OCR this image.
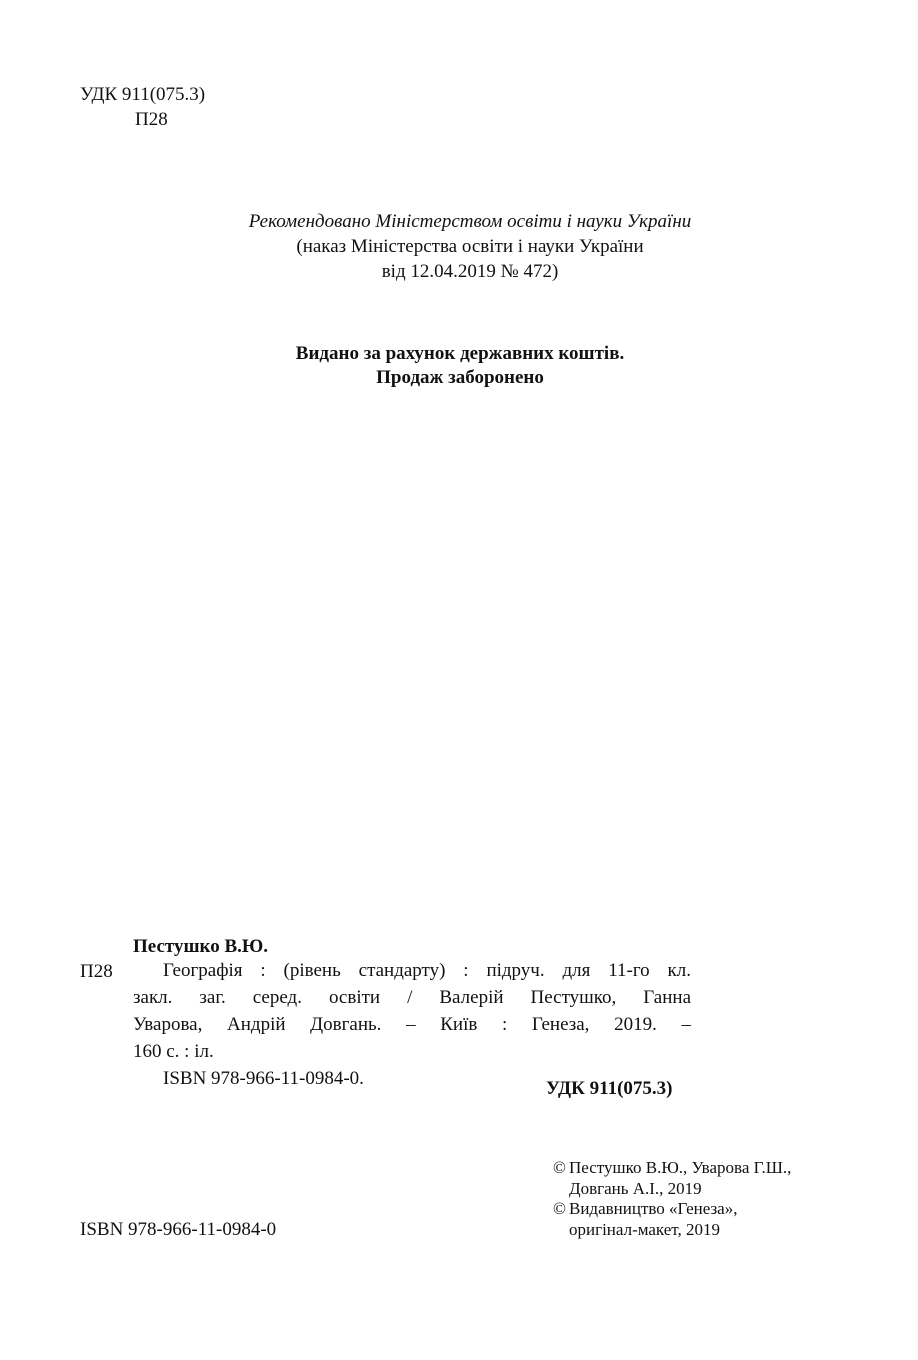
УДК 911(075.3)
П28
Рекомендовано Міністерством освіти і науки України
(наказ Міністерства освіти і науки України
від 12.04.2019 № 472)
Видано за рахунок державних коштів.
Продаж заборонено
Пестушко В.Ю.
П28	Географія : (рівень стандарту) : підруч. для 11-го кл.
закл. заг. серед. освіти / Валерій Пестушко, Ганна
Уварова, Андрій Довгань. – Київ : Генеза, 2019. –
160 с. : іл.
ISBN 978-966-11-0984-0.	УДК 911(075.3)
ISBN 978-966-11-0984-0
© Пестушко В.Ю., Уварова Г.Ш.,
Довгань А.І., 2019
© Видавництво «Генеза»,
оригінал-макет, 2019
